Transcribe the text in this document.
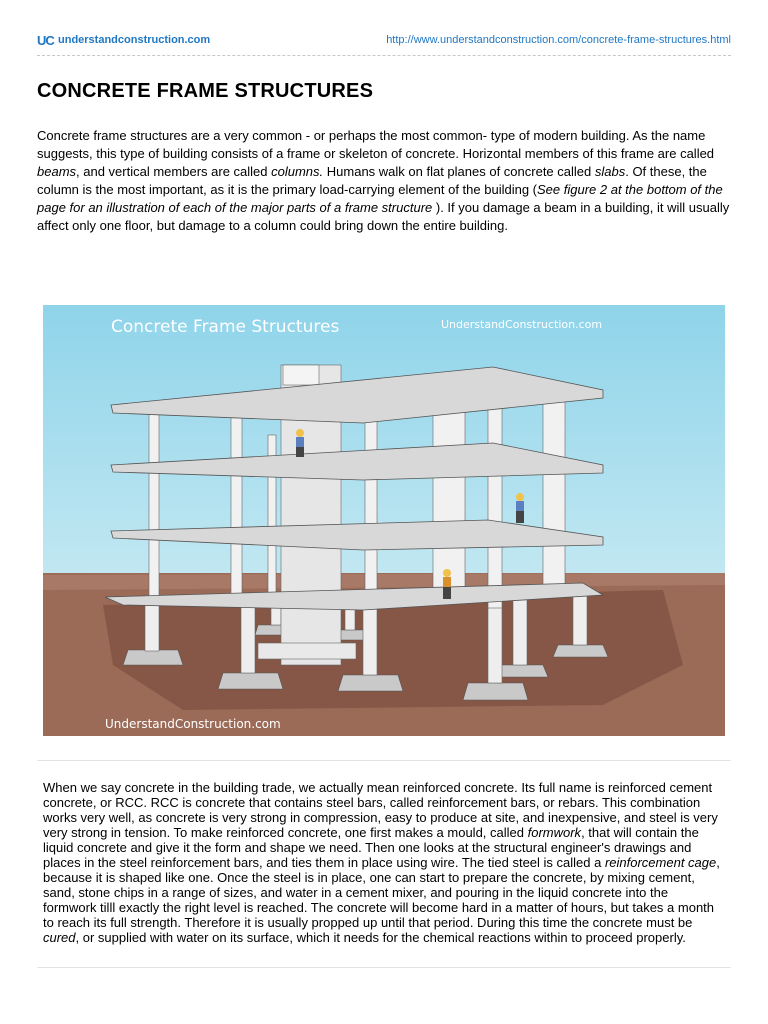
UC understandconstruction.com	http://www.understandconstruction.com/concrete-frame-structures.html
CONCRETE FRAME STRUCTURES

Concrete frame structures are a very common - or perhaps the most common- type of modern building. As the name suggests, this type of building consists of a frame or skeleton of concrete. Horizontal members of this frame are called beams, and vertical members are called columns. Humans walk on flat planes of concrete called slabs. Of these, the column is the most important, as it is the primary load-carrying element of the building (See figure 2 at the bottom of the page for an illustration of each of the major parts of a frame structure ). If you damage a beam in a building, it will usually affect only one floor, but damage to a column could bring down the entire building.

Concrete Frame Structures	UnderstandConstruction.com
UnderstandConstruction.com

When we say concrete in the building trade, we actually mean reinforced concrete. Its full name is reinforced cement concrete, or RCC. RCC is concrete that contains steel bars, called reinforcement bars, or rebars. This combination works very well, as concrete is very strong in compression, easy to produce at site, and inexpensive, and steel is very very strong in tension. To make reinforced concrete, one first makes a mould, called formwork, that will contain the liquid concrete and give it the form and shape we need. Then one looks at the structural engineer's drawings and places in the steel reinforcement bars, and ties them in place using wire. The tied steel is called a reinforcement cage, because it is shaped like one. Once the steel is in place, one can start to prepare the concrete, by mixing cement, sand, stone chips in a range of sizes, and water in a cement mixer, and pouring in the liquid concrete into the formwork tilll exactly the right level is reached. The concrete will become hard in a matter of hours, but takes a month to reach its full strength. Therefore it is usually propped up until that period. During this time the concrete must be cured, or supplied with water on its surface, which it needs for the chemical reactions within to proceed properly.
